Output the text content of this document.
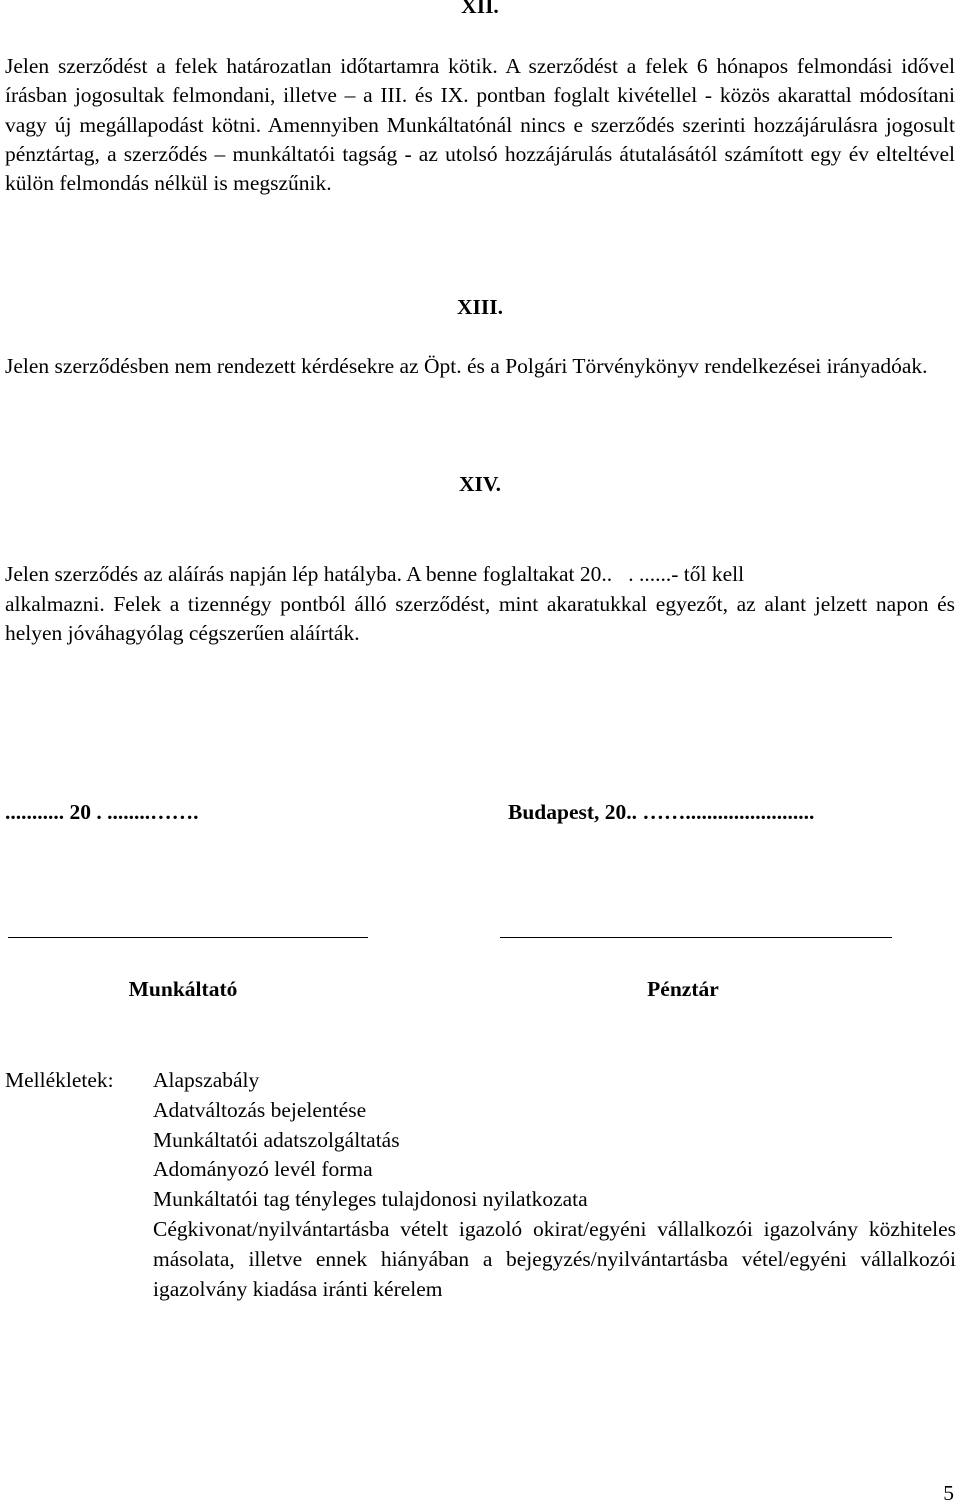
XII.

Jelen szerződést a felek határozatlan időtartamra kötik. A szerződést a felek 6 hónapos felmondási idővel írásban jogosultak felmondani, illetve – a III. és IX. pontban foglalt kivétellel - közös akarattal módosítani vagy új megállapodást kötni. Amennyiben Munkáltatónál nincs e szerződés szerinti hozzájárulásra jogosult pénztártag, a szerződés – munkáltatói tagság - az utolsó hozzájárulás átutalásától számított egy év elteltével külön felmondás nélkül is megszűnik.

XIII.

Jelen szerződésben nem rendezett kérdésekre az Öpt. és a Polgári Törvénykönyv rendelkezései irányadóak.

XIV.

Jelen szerződés az aláírás napján lép hatályba. A benne foglaltakat 20..   . ......- től kell

alkalmazni. Felek a tizennégy pontból álló szerződést, mint akaratukkal egyezőt, az alant jelzett napon és helyen jóváhagyólag cégszerűen aláírták.

........... 20 . ........…….	Budapest, 20.. ……........................

Munkáltató	Pénztár

Mellékletek: Alapszabály
Adatváltozás bejelentése
Munkáltatói adatszolgáltatás
Adományozó levél forma
Munkáltatói tag tényleges tulajdonosi nyilatkozata
Cégkivonat/nyilvántartásba vételt igazoló okirat/egyéni vállalkozói igazolvány közhiteles másolata, illetve ennek hiányában a bejegyzés/nyilvántartásba vétel/egyéni vállalkozói igazolvány kiadása iránti kérelem

5
